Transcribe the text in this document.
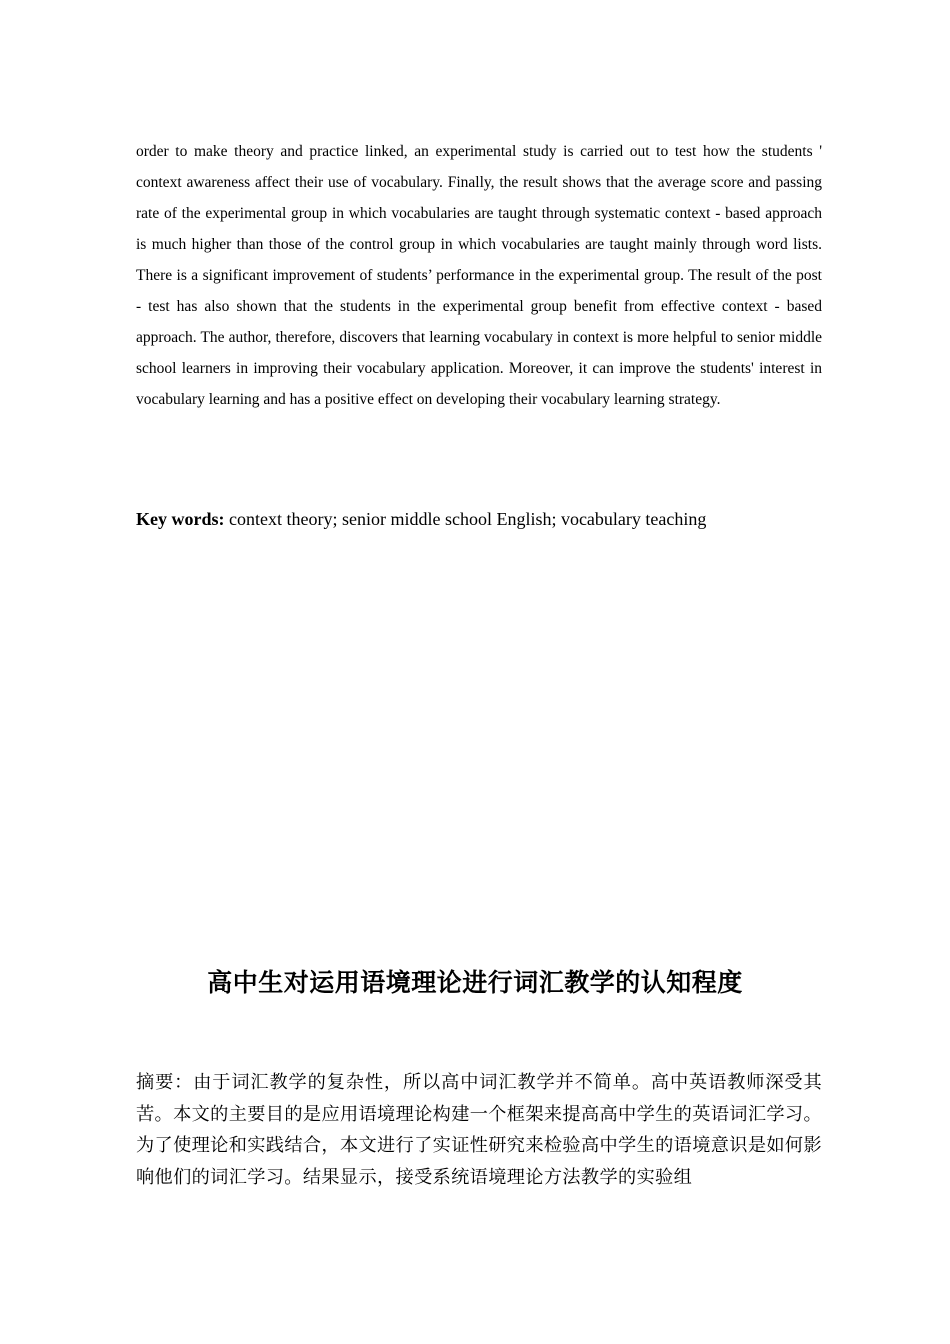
order to make theory and practice linked, an experimental study is carried out to test how the students ' context awareness affect their use of vocabulary. Finally, the result shows that the average score and passing rate of the experimental group in which vocabularies are taught through systematic context - based approach is much higher than those of the control group in which vocabularies are taught mainly through word lists. There is a significant improvement of students’ performance in the experimental group. The result of the post - test has also shown that the students in the experimental group benefit from effective context - based approach. The author, therefore, discovers that learning vocabulary in context is more helpful to senior middle school learners in improving their vocabulary application. Moreover, it can improve the students' interest in vocabulary learning and has a positive effect on developing their vocabulary learning strategy.

Key words: context theory; senior middle school English; vocabulary teaching

高中生对运用语境理论进行词汇教学的认知程度

摘要：由于词汇教学的复杂性，所以高中词汇教学并不简单。高中英语教师深受其苦。本文的主要目的是应用语境理论构建一个框架来提高高中学生的英语词汇学习。为了使理论和实践结合，本文进行了实证性研究来检验高中学生的语境意识是如何影响他们的词汇学习。结果显示，接受系统语境理论方法教学的实验组
